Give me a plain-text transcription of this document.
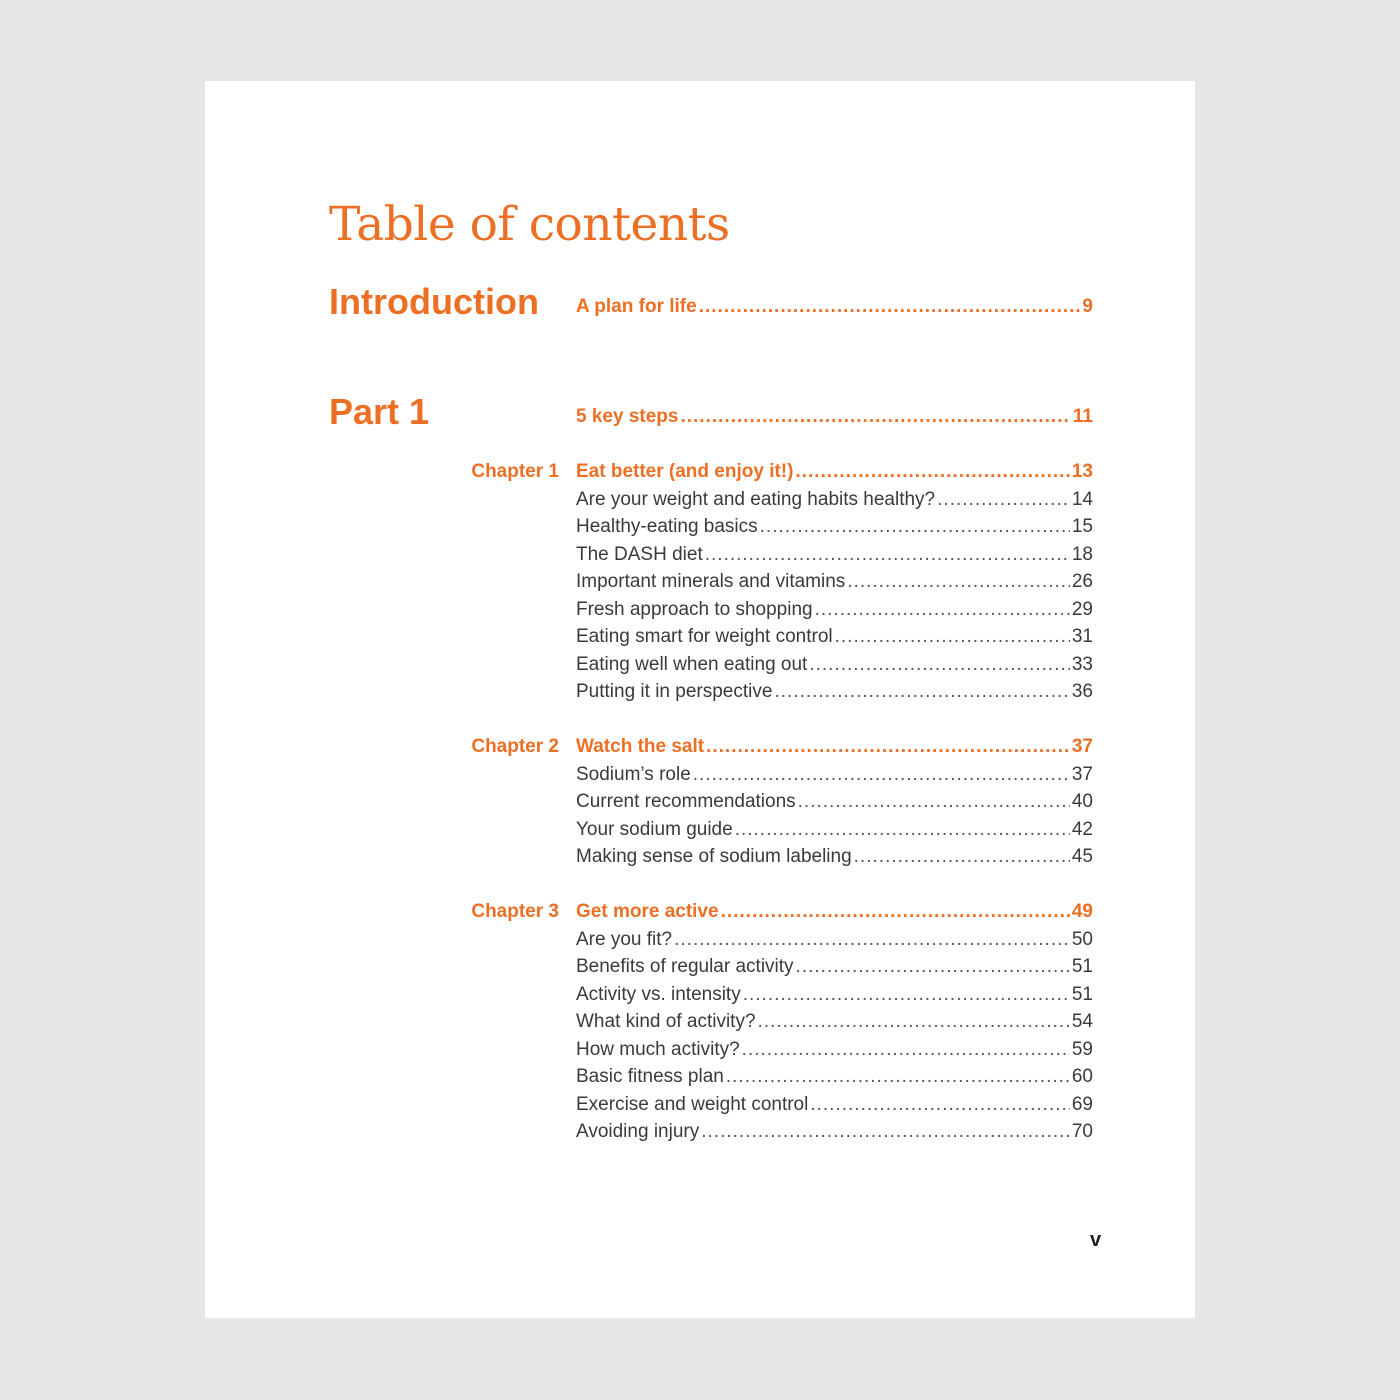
Table of contents
Introduction A plan for life .....	9
Part 1	5 key steps .....	11
Chapter 1 Eat better (and enjoy it!) .....	13
Are your weight and eating habits healthy? .....	14
Healthy-eating basics .....	15
The DASH diet .....	18
Important minerals and vitamins .....	26
Fresh approach to shopping .....	29
Eating smart for weight control .....	31
Eating well when eating out .....	33
Putting it in perspective .....	36
Chapter 2 Watch the salt .....	37
Sodium’s role .....	37
Current recommendations .....	40
Your sodium guide .....	42
Making sense of sodium labeling .....	45
Chapter 3 Get more active .....	49
Are you fit? .....	50
Benefits of regular activity .....	51
Activity vs. intensity .....	51
What kind of activity? .....	54
How much activity? .....	59
Basic fitness plan .....	60
Exercise and weight control .....	69
Avoiding injury .....	70
v
